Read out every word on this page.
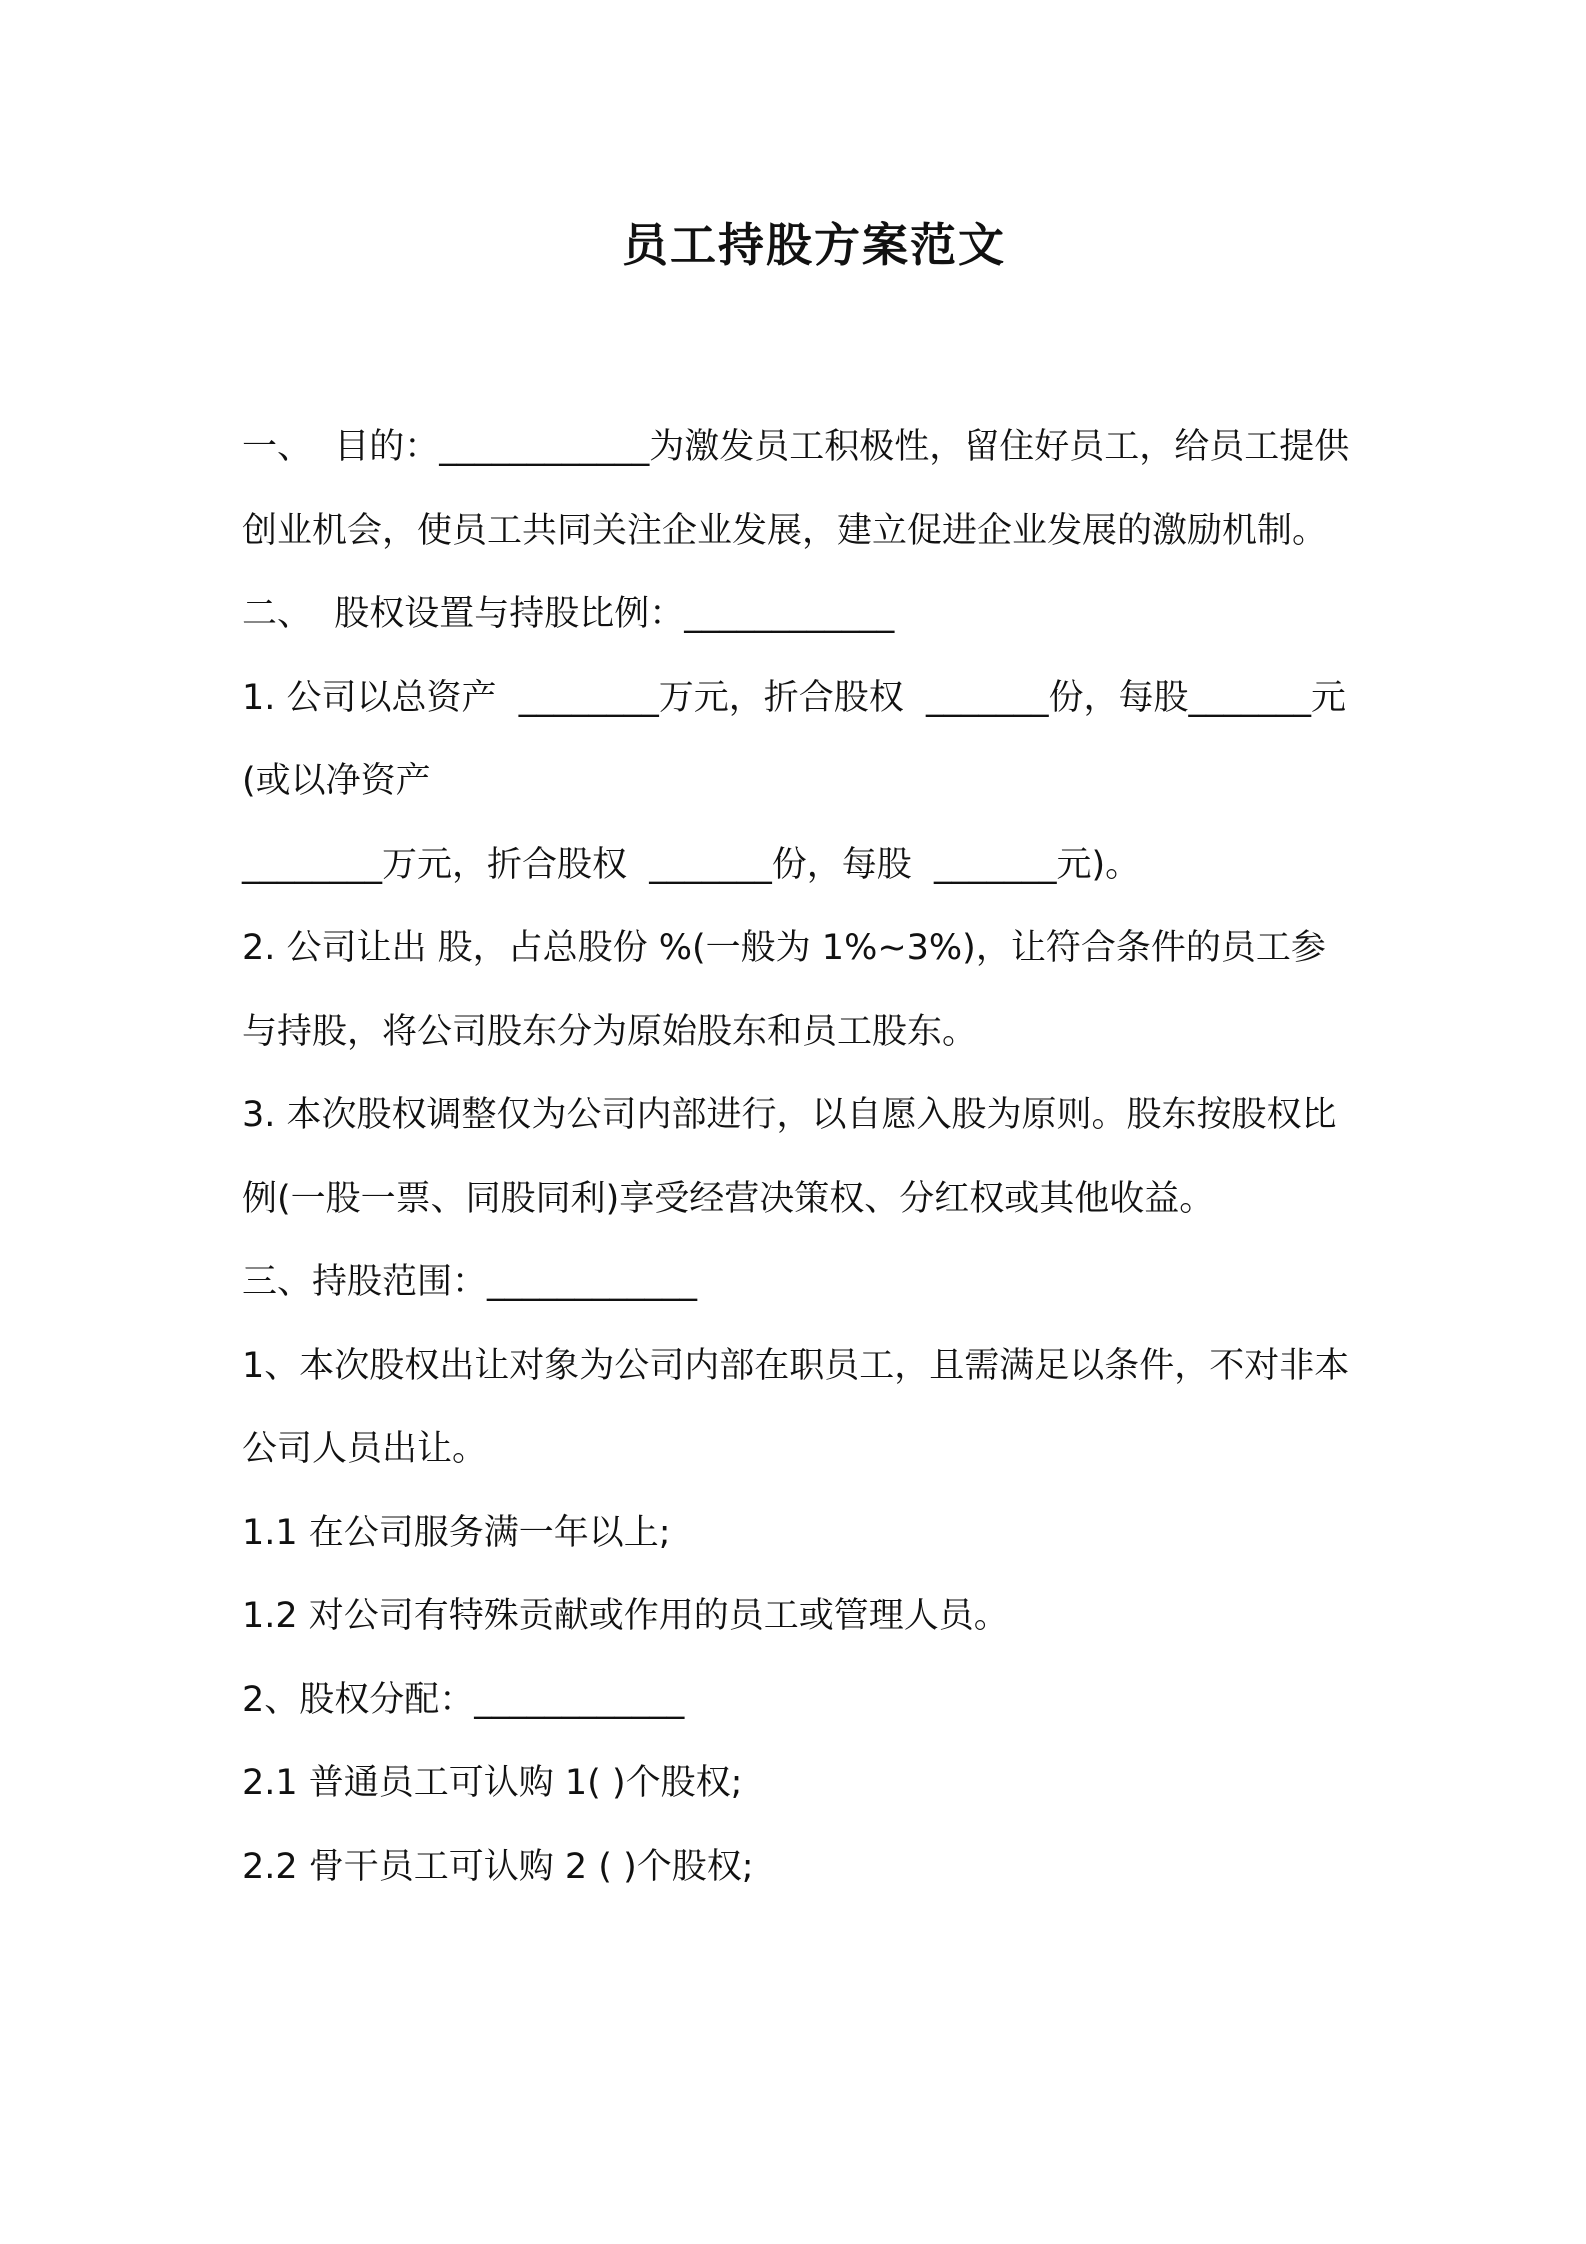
员工持股方案范文

一、  目的：____________为激发员工积极性，留住好员工，给员工提供创业机会，使员工共同关注企业发展，建立促进企业发展的激励机制。

二、  股权设置与持股比例：____________

1. 公司以总资产  ________万元，折合股权  _______份，每股_______元(或以净资产

________万元，折合股权  _______份，每股  _______元)。

2. 公司让出 股，占总股份 %(一般为 1%~3%)，让符合条件的员工参与持股，将公司股东分为原始股东和员工股东。

3. 本次股权调整仅为公司内部进行，以自愿入股为原则。股东按股权比例(一股一票、同股同利)享受经营决策权、分红权或其他收益。

三、持股范围：____________

1、本次股权出让对象为公司内部在职员工，且需满足以条件，不对非本公司人员出让。

1.1 在公司服务满一年以上;

1.2 对公司有特殊贡献或作用的员工或管理人员。

2、股权分配：____________

2.1 普通员工可认购 1( )个股权;

2.2 骨干员工可认购 2 ( )个股权;
